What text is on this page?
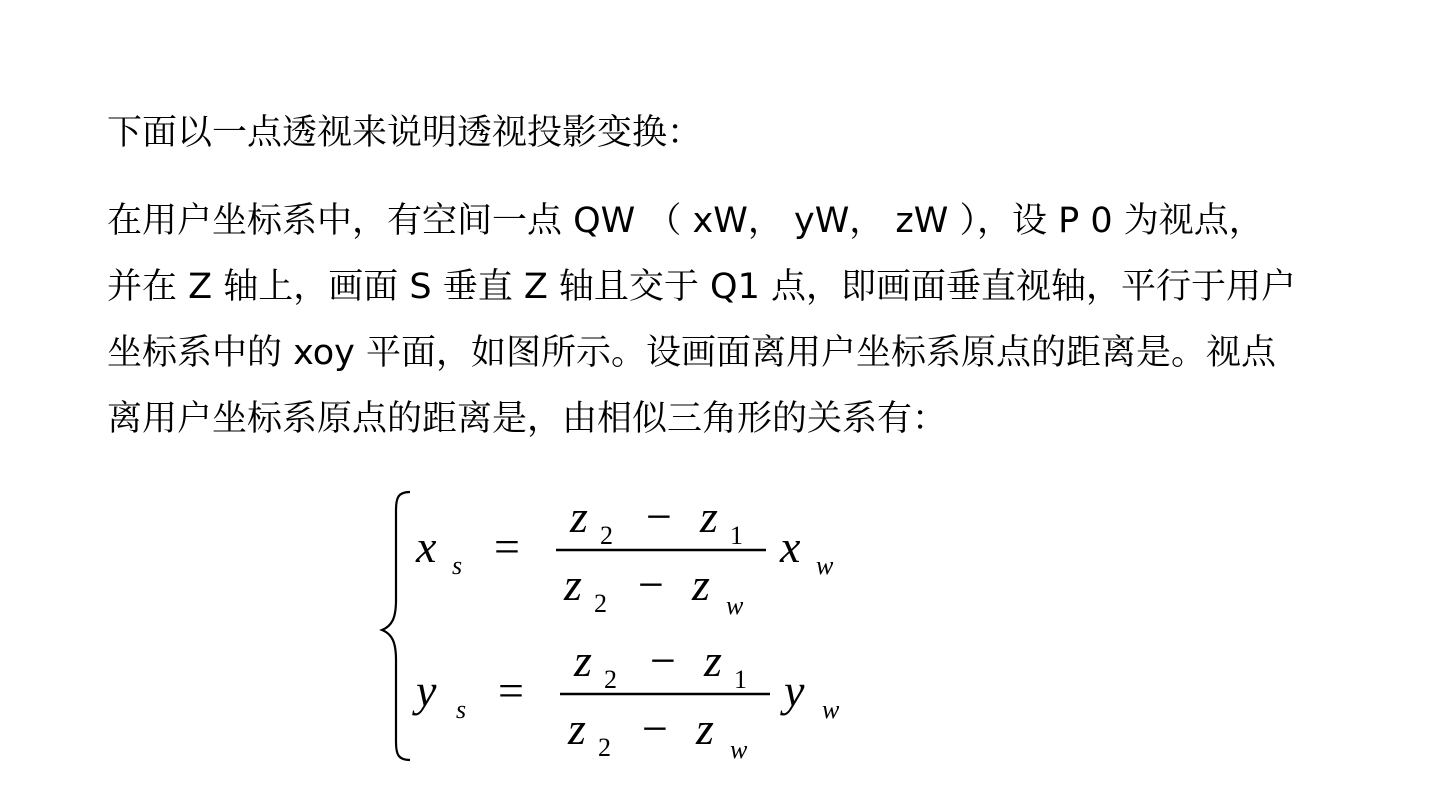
下面以一点透视来说明透视投影变换：
在用户坐标系中，有空间一点 QW （ xW， yW， zW ），设 P 0 为视点，
并在 Z 轴上，画面 S 垂直 Z 轴且交于 Q1 点，即画面垂直视轴，平行于用户
坐标系中的 xoy 平面，如图所示。设画面离用户坐标系原点的距离是。视点
离用户坐标系原点的距离是，由相似三角形的关系有：
x s =
z 2 − z 1
z 2 − z w
x w
y s =
z 2 − z 1
z 2 − z w
y w
